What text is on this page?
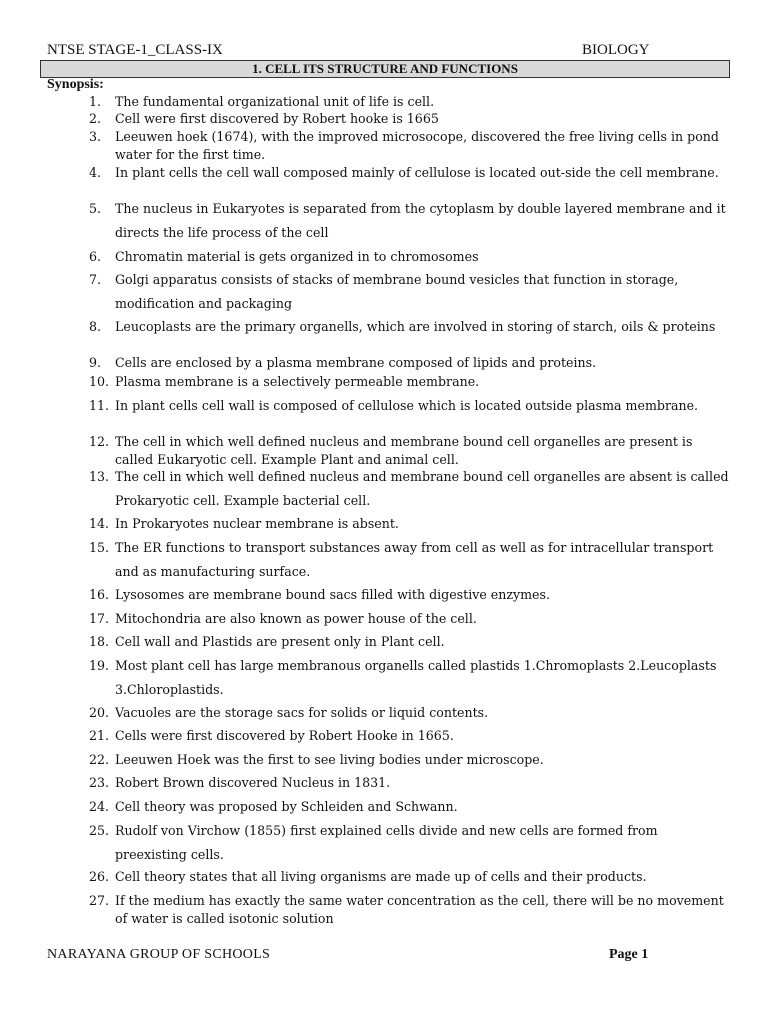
NTSE STAGE-1_CLASS-IX	BIOLOGY
1. CELL ITS STRUCTURE AND FUNCTIONS
Synopsis:
1. The fundamental organizational unit of life is cell.
2. Cell were first discovered by Robert hooke is 1665
3. Leeuwen hoek (1674), with the improved microsocope, discovered the free living cells in pond water for the first time.
4. In plant cells the cell wall composed mainly of cellulose is located out-side the cell membrane.
5. The nucleus in Eukaryotes is separated from the cytoplasm by double layered membrane and it directs the life process of the cell
6. Chromatin material is gets organized in to chromosomes
7. Golgi apparatus consists of stacks of membrane bound vesicles that function in storage, modification and packaging
8. Leucoplasts are the primary organells, which are involved in storing of starch, oils & proteins
9. Cells are enclosed by a plasma membrane composed of lipids and proteins.
10. Plasma membrane is a selectively permeable membrane.
11. In plant cells cell wall is composed of cellulose which is located outside plasma membrane.
12. The cell in which well defined nucleus and membrane bound cell organelles are present is called Eukaryotic cell. Example Plant and animal cell.
13. The cell in which well defined nucleus and membrane bound cell organelles are absent is called Prokaryotic cell. Example bacterial cell.
14. In Prokaryotes nuclear membrane is absent.
15. The ER functions to transport substances away from cell as well as for intracellular transport and as manufacturing surface.
16. Lysosomes are membrane bound sacs filled with digestive enzymes.
17. Mitochondria are also known as power house of the cell.
18. Cell wall and Plastids are present only in Plant cell.
19. Most plant cell has large membranous organells called plastids 1.Chromoplasts 2.Leucoplasts 3.Chloroplastids.
20. Vacuoles are the storage sacs for solids or liquid contents.
21. Cells were first discovered by Robert Hooke in 1665.
22. Leeuwen Hoek was the first to see living bodies under microscope.
23. Robert Brown discovered Nucleus in 1831.
24. Cell theory was proposed by Schleiden and Schwann.
25. Rudolf von Virchow (1855) first explained cells divide and new cells are formed from preexisting cells.
26. Cell theory states that all living organisms are made up of cells and their products.
27. If the medium has exactly the same water concentration as the cell, there will be no movement of water is called isotonic solution
NARAYANA GROUP OF SCHOOLS	Page 1
